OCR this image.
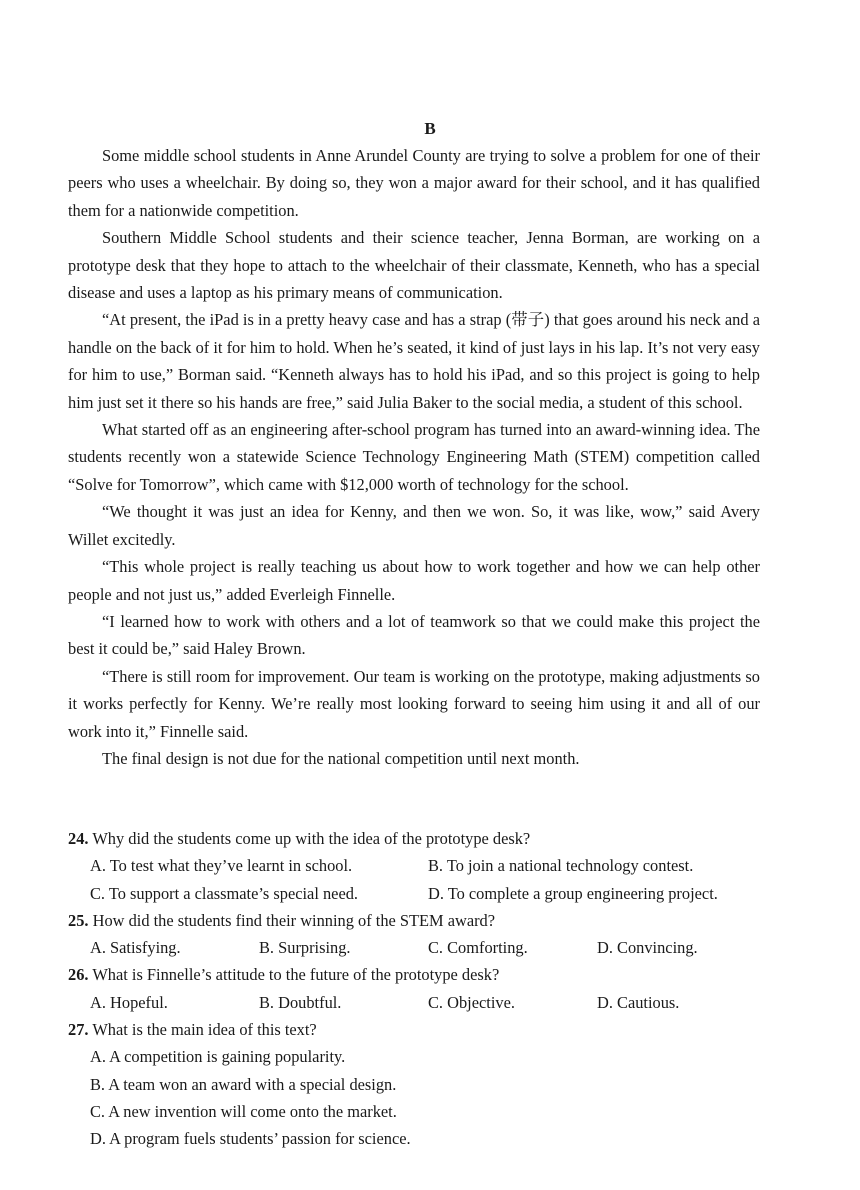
B

Some middle school students in Anne Arundel County are trying to solve a problem for one of their peers who uses a wheelchair. By doing so, they won a major award for their school, and it has qualified them for a nationwide competition.

Southern Middle School students and their science teacher, Jenna Borman, are working on a prototype desk that they hope to attach to the wheelchair of their classmate, Kenneth, who has a special disease and uses a laptop as his primary means of communication.

“At present, the iPad is in a pretty heavy case and has a strap (带子) that goes around his neck and a handle on the back of it for him to hold. When he’s seated, it kind of just lays in his lap. It’s not very easy for him to use,” Borman said. “Kenneth always has to hold his iPad, and so this project is going to help him just set it there so his hands are free,” said Julia Baker to the social media, a student of this school.

What started off as an engineering after-school program has turned into an award-winning idea. The students recently won a statewide Science Technology Engineering Math (STEM) competition called “Solve for Tomorrow”, which came with $12,000 worth of technology for the school.

“We thought it was just an idea for Kenny, and then we won. So, it was like, wow,” said Avery Willet excitedly.

“This whole project is really teaching us about how to work together and how we can help other people and not just us,” added Everleigh Finnelle.

“I learned how to work with others and a lot of teamwork so that we could make this project the best it could be,” said Haley Brown.

“There is still room for improvement. Our team is working on the prototype, making adjustments so it works perfectly for Kenny. We’re really most looking forward to seeing him using it and all of our work into it,” Finnelle said.

The final design is not due for the national competition until next month.

24. Why did the students come up with the idea of the prototype desk?

A. To test what they’ve learnt in school.	B. To join a national technology contest.
C. To support a classmate’s special need.	D. To complete a group engineering project.

25. How did the students find their winning of the STEM award?

A. Satisfying.	B. Surprising.	C. Comforting.	D. Convincing.

26. What is Finnelle’s attitude to the future of the prototype desk?

A. Hopeful.	B. Doubtful.	C. Objective.	D. Cautious.

27. What is the main idea of this text?

A. A competition is gaining popularity.
B. A team won an award with a special design.
C. A new invention will come onto the market.
D. A program fuels students’ passion for science.
